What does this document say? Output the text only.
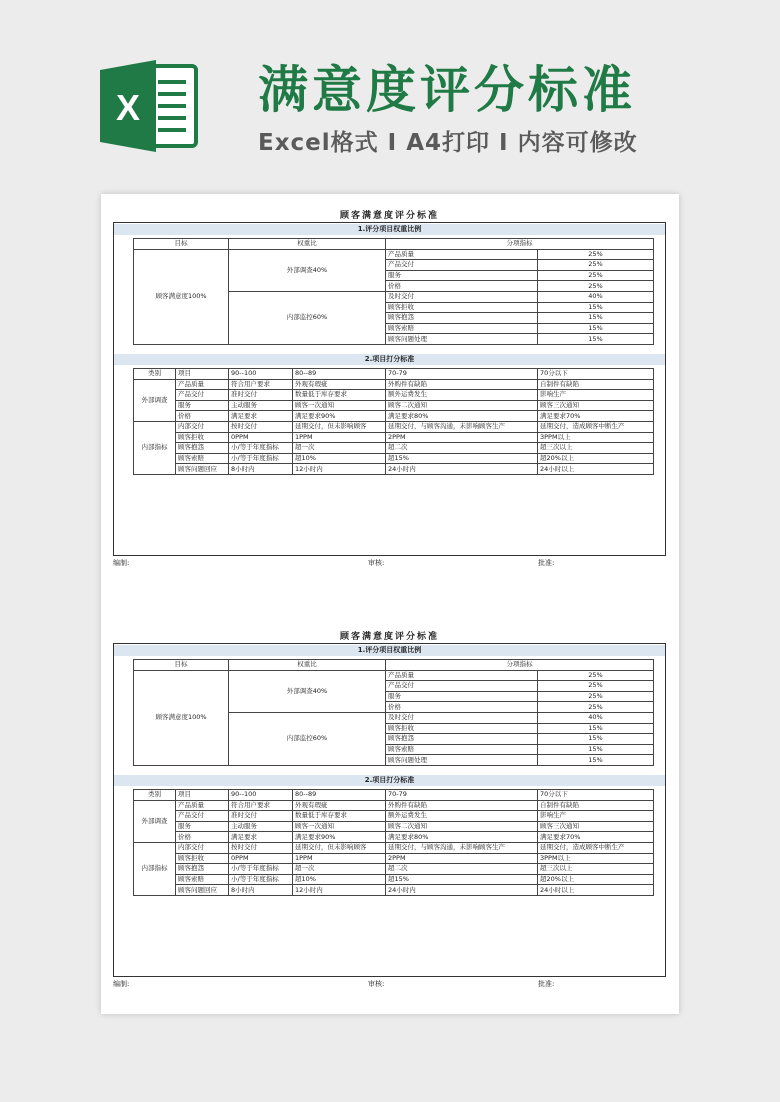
X 满意度评分标准
Excel格式 I A4打印 I 内容可修改
顾客满意度评分标准
1.评分项目权重比例
目标	权重比	分项指标	
顾客满意度100%	外部调查40%	产品质量	25%
		产品交付	25%
		服务	25%
		价格	25%
	内部监控60%	及时交付	40%
		顾客拒收	15%
		顾客抱怨	15%
		顾客索赔	15%
		顾客问题处理	15%
2.项目打分标准
类别	项目	90--100	80--89	70-79	70分以下
外部调查	产品质量	符合用户要求	外观有瑕疵	外购件有缺陷	自制件有缺陷
	产品交付	准时交付	数量低于库存要求	额外运费发生	影响生产
	服务	主动服务	顾客一次通知	顾客二次通知	顾客三次通知
	价格	满足要求	满足要求90%	满足要求80%	满足要求70%
内部指标	内部交付	按时交付	延期交付，但未影响顾客	延期交付，与顾客沟通，未影响顾客生产	延期交付，造成顾客中断生产
	顾客拒收	0PPM	1PPM	2PPM	3PPM以上
	顾客抱怨	小/等于年度指标	超一次	超二次	超三次以上
	顾客索赔	小/等于年度指标	超10%	超15%	超20%以上
	顾客问题回应	8小时内	12小时内	24小时内	24小时以上
编制:	审核:	批准:
顾客满意度评分标准
1.评分项目权重比例
目标	权重比	分项指标	
顾客满意度100%	外部调查40%	产品质量	25%
		产品交付	25%
		服务	25%
		价格	25%
	内部监控60%	及时交付	40%
		顾客拒收	15%
		顾客抱怨	15%
		顾客索赔	15%
		顾客问题处理	15%
2.项目打分标准
类别	项目	90--100	80--89	70-79	70分以下
外部调查	产品质量	符合用户要求	外观有瑕疵	外购件有缺陷	自制件有缺陷
	产品交付	准时交付	数量低于库存要求	额外运费发生	影响生产
	服务	主动服务	顾客一次通知	顾客二次通知	顾客三次通知
	价格	满足要求	满足要求90%	满足要求80%	满足要求70%
内部指标	内部交付	按时交付	延期交付，但未影响顾客	延期交付，与顾客沟通，未影响顾客生产	延期交付，造成顾客中断生产
	顾客拒收	0PPM	1PPM	2PPM	3PPM以上
	顾客抱怨	小/等于年度指标	超一次	超二次	超三次以上
	顾客索赔	小/等于年度指标	超10%	超15%	超20%以上
	顾客问题回应	8小时内	12小时内	24小时内	24小时以上
编制:	审核:	批准:
